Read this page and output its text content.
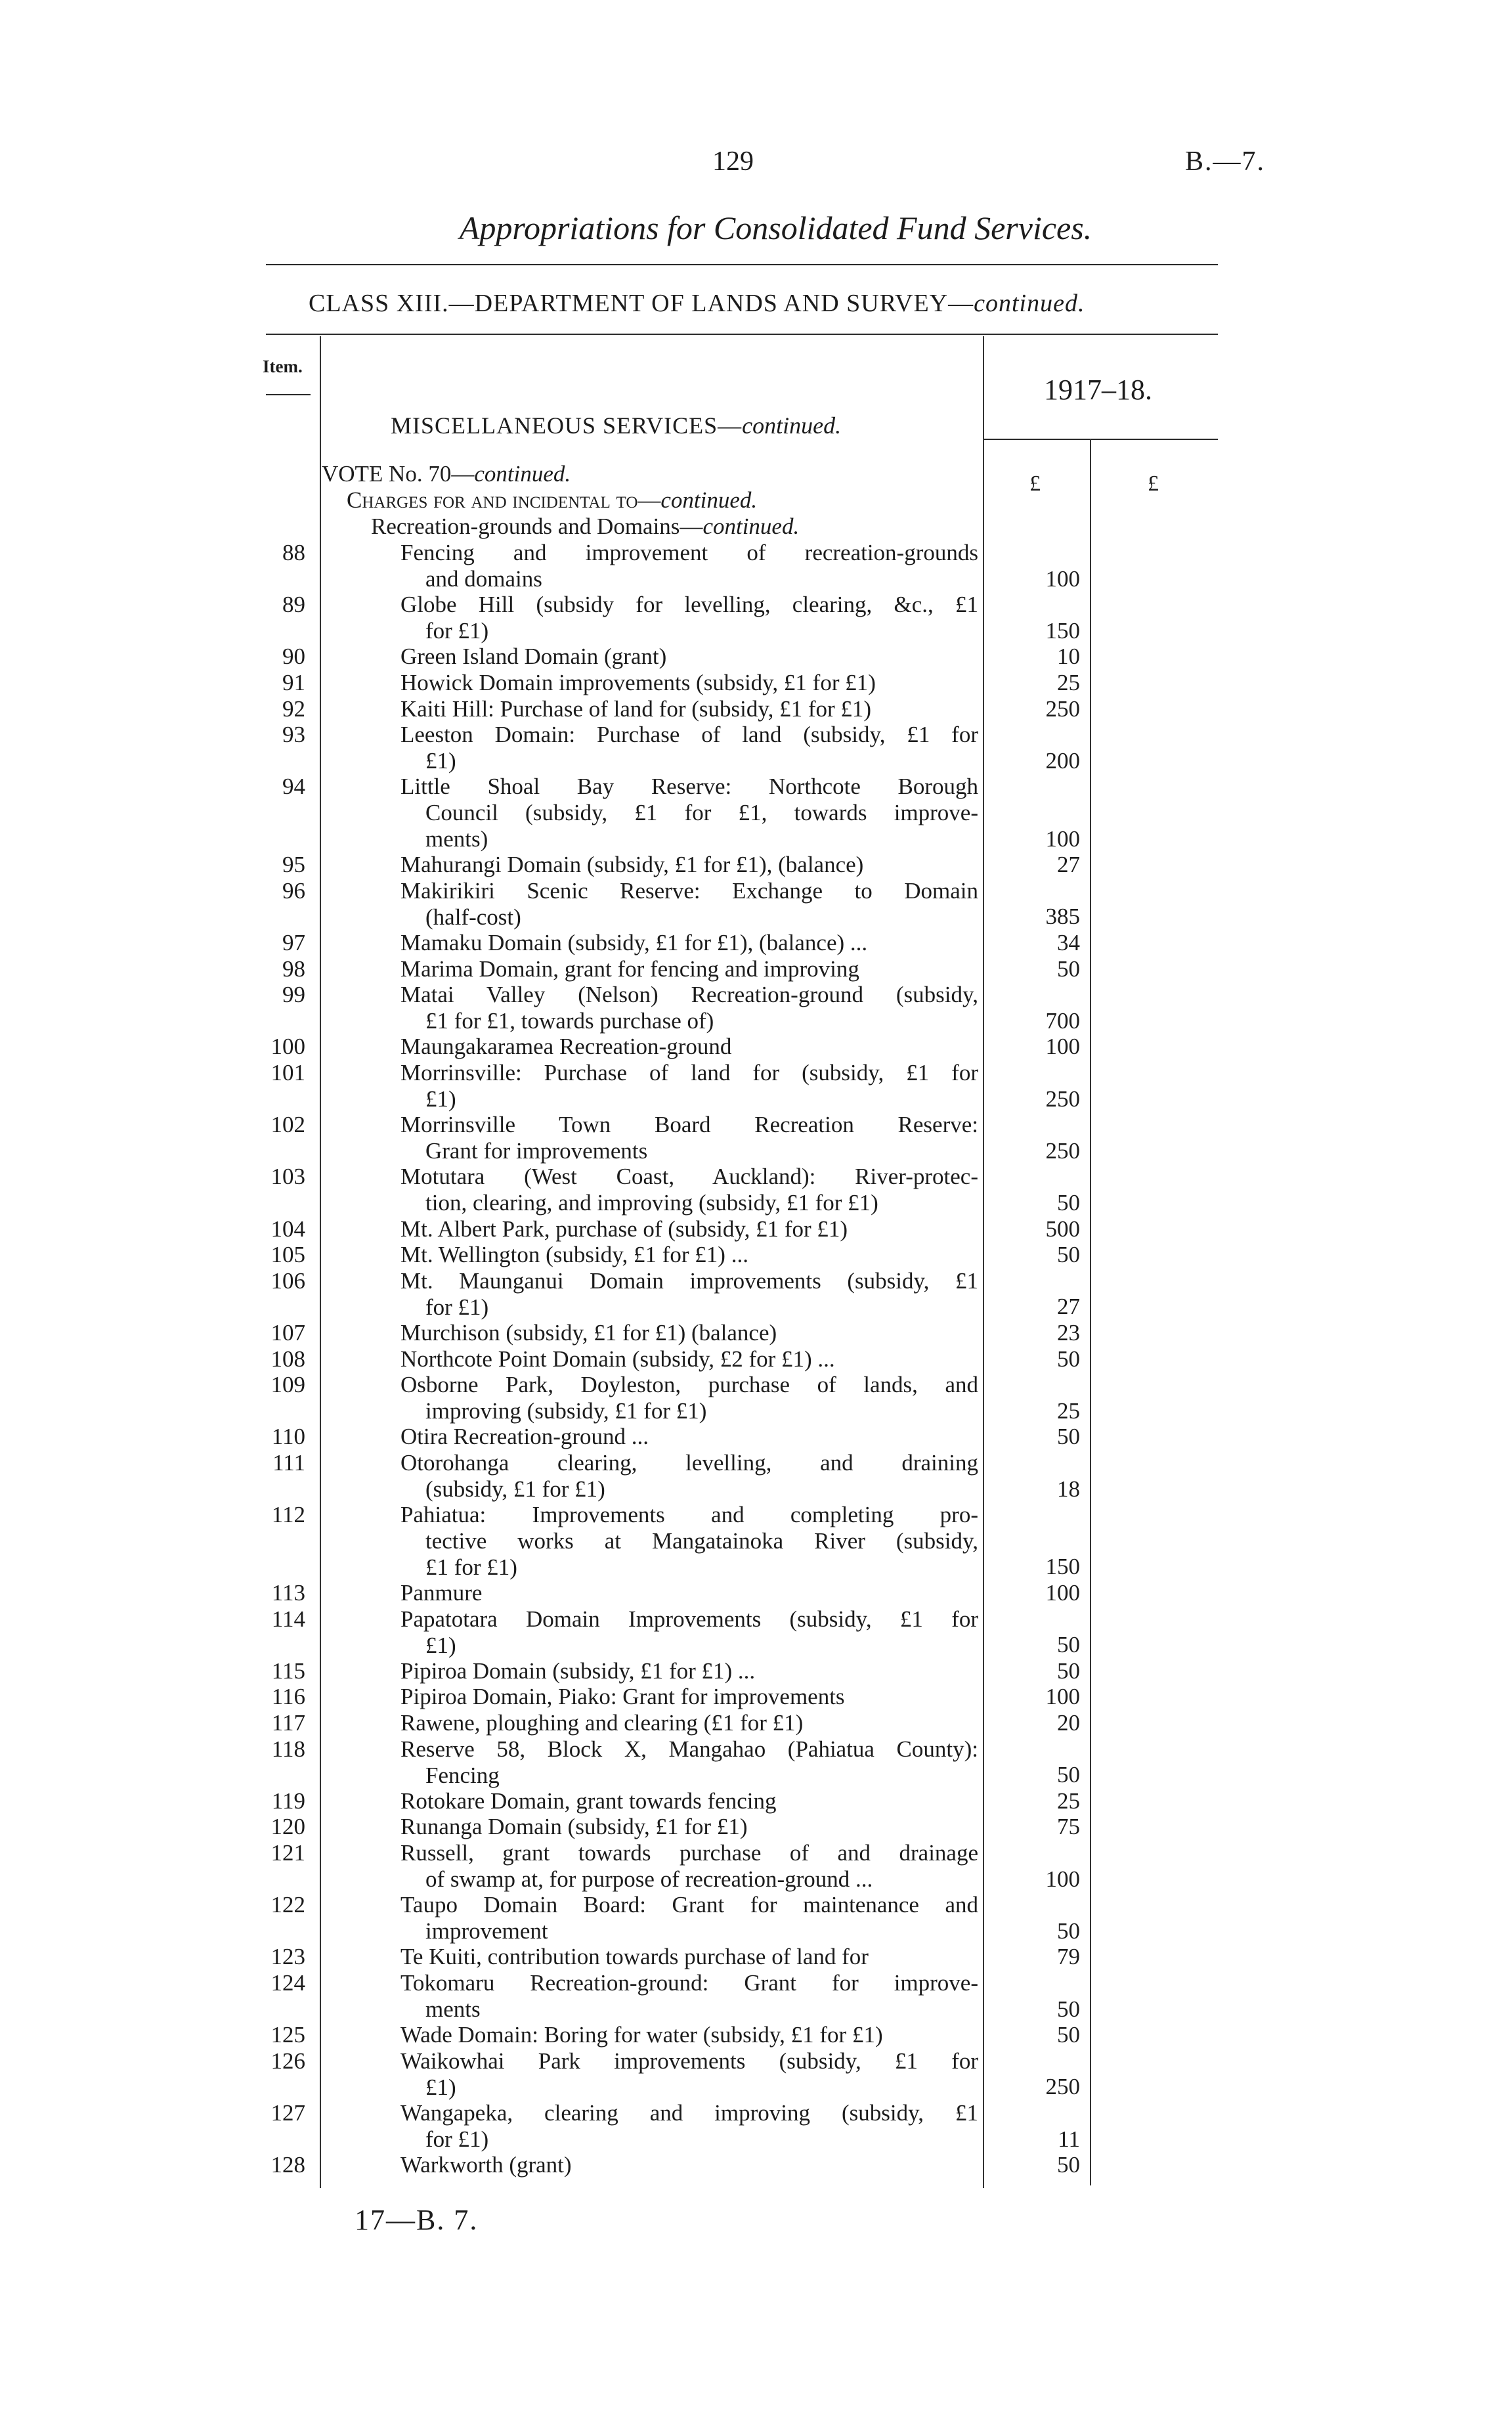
129	B.—7.
Appropriations for Consolidated Fund Services.
CLASS XIII.—DEPARTMENT OF LANDS AND SURVEY—continued.
Item.
1917–18.
MISCELLANEOUS SERVICES—continued.
£	£
VOTE No. 70—continued.
Charges for and incidental to—continued.
Recreation-grounds and Domains—continued.
88	Fencing and improvement of recreation-grounds
and domains	100
89	Globe Hill (subsidy for levelling, clearing, &c., £1
for £1)	150
90	Green Island Domain (grant)	10
91	Howick Domain improvements (subsidy, £1 for £1)	25
92	Kaiti Hill: Purchase of land for (subsidy, £1 for £1)	250
93	Leeston Domain: Purchase of land (subsidy, £1 for
£1)	200
94	Little Shoal Bay Reserve: Northcote Borough
Council (subsidy, £1 for £1, towards improve-
ments)	100
95	Mahurangi Domain (subsidy, £1 for £1), (balance)	27
96	Makirikiri Scenic Reserve: Exchange to Domain
(half-cost)	385
97	Mamaku Domain (subsidy, £1 for £1), (balance) ...	34
98	Marima Domain, grant for fencing and improving	50
99	Matai Valley (Nelson) Recreation-ground (subsidy,
£1 for £1, towards purchase of)	700
100	Maungakaramea Recreation-ground	100
101	Morrinsville: Purchase of land for (subsidy, £1 for
£1)	250
102	Morrinsville Town Board Recreation Reserve:
Grant for improvements	250
103	Motutara (West Coast, Auckland): River-protec-
tion, clearing, and improving (subsidy, £1 for £1)	50
104	Mt. Albert Park, purchase of (subsidy, £1 for £1)	500
105	Mt. Wellington (subsidy, £1 for £1) ...	50
106	Mt. Maunganui Domain improvements (subsidy, £1
for £1)	27
107	Murchison (subsidy, £1 for £1) (balance)	23
108	Northcote Point Domain (subsidy, £2 for £1) ...	50
109	Osborne Park, Doyleston, purchase of lands, and
improving (subsidy, £1 for £1)	25
110	Otira Recreation-ground ...	50
111	Otorohanga clearing, levelling, and draining
(subsidy, £1 for £1)	18
112	Pahiatua: Improvements and completing pro-
tective works at Mangatainoka River (subsidy,
£1 for £1)	150
113	Panmure	100
114	Papatotara Domain Improvements (subsidy, £1 for
£1)	50
115	Pipiroa Domain (subsidy, £1 for £1) ...	50
116	Pipiroa Domain, Piako: Grant for improvements	100
117	Rawene, ploughing and clearing (£1 for £1)	20
118	Reserve 58, Block X, Mangahao (Pahiatua County):
Fencing	50
119	Rotokare Domain, grant towards fencing	25
120	Runanga Domain (subsidy, £1 for £1)	75
121	Russell, grant towards purchase of and drainage
of swamp at, for purpose of recreation-ground ...	100
122	Taupo Domain Board: Grant for maintenance and
improvement	50
123	Te Kuiti, contribution towards purchase of land for	79
124	Tokomaru Recreation-ground: Grant for improve-
ments	50
125	Wade Domain: Boring for water (subsidy, £1 for £1)	50
126	Waikowhai Park improvements (subsidy, £1 for
£1)	250
127	Wangapeka, clearing and improving (subsidy, £1
for £1)	11
128	Warkworth (grant)	50
17—B. 7.
